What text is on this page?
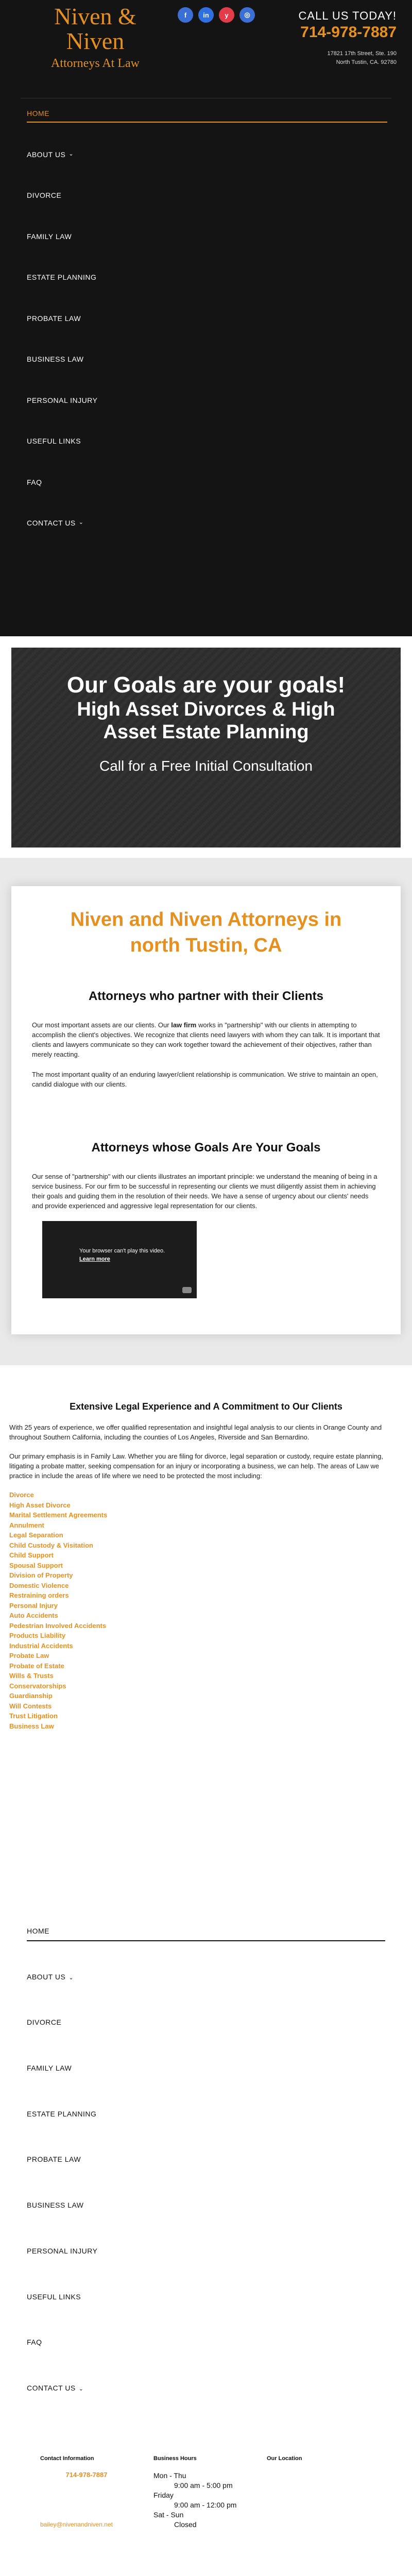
Niven & Niven
Attorneys At Law
f	in	y	◎	CALL US TODAY!
714-978-7887
17821 17th Street, Ste. 190
North Tustin, CA. 92780
HOME
ABOUT US ⌄
DIVORCE
FAMILY LAW
ESTATE PLANNING
PROBATE LAW
BUSINESS LAW
PERSONAL INJURY
USEFUL LINKS
FAQ
CONTACT US ⌄
Our Goals are your goals!
High Asset Divorces & High Asset Estate Planning
Call for a Free Initial Consultation
Niven and Niven Attorneys in north Tustin, CA
Attorneys who partner with their Clients

Our most important assets are our clients. Our law firm works in "partnership" with our clients in attempting to accomplish the client's objectives. We recognize that clients need lawyers with whom they can talk. It is important that clients and lawyers communicate so they can work together toward the achievement of their objectives, rather than merely reacting.

The most important quality of an enduring lawyer/client relationship is communication. We strive to maintain an open, candid dialogue with our clients.

Attorneys whose Goals Are Your Goals

Our sense of "partnership" with our clients illustrates an important principle: we understand the meaning of being in a service business. For our firm to be successful in representing our clients we must diligently assist them in achieving their goals and guiding them in the resolution of their needs. We have a sense of urgency about our clients' needs and provide experienced and aggressive legal representation for our clients.

Your browser can't play this video.
Learn more
Extensive Legal Experience and A Commitment to Our Clients

With 25 years of experience, we offer qualified representation and insightful legal analysis to our clients in Orange County and throughout Southern California, including the counties of Los Angeles, Riverside and San Bernardino.

Our primary emphasis is in Family Law. Whether you are filing for divorce, legal separation or custody, require estate planning, litigating a probate matter, seeking compensation for an injury or incorporating a business, we can help. The areas of Law we practice in include the areas of life where we need to be protected the most including:

Divorce
High Asset Divorce
Marital Settlement Agreements
Annulment
Legal Separation
Child Custody & Visitation
Child Support
Spousal Support
Division of Property
Domestic Violence
Restraining orders
Personal Injury
Auto Accidents
Pedestrian Involved Accidents
Products Liability
Industrial Accidents
Probate Law
Probate of Estate
Wills & Trusts
Conservatorships
Guardianship
Will Contests
Trust Litigation
Business Law
HOME
ABOUT US ⌄
DIVORCE
FAMILY LAW
ESTATE PLANNING
PROBATE LAW
BUSINESS LAW
PERSONAL INJURY
USEFUL LINKS
FAQ
CONTACT US ⌄
Contact Information
714-978-7887
bailey@nivenandniven.net
Business Hours
Mon - Thu
9:00 am - 5:00 pm
Friday
9:00 am - 12:00 pm
Sat - Sun
Closed
Our Location
